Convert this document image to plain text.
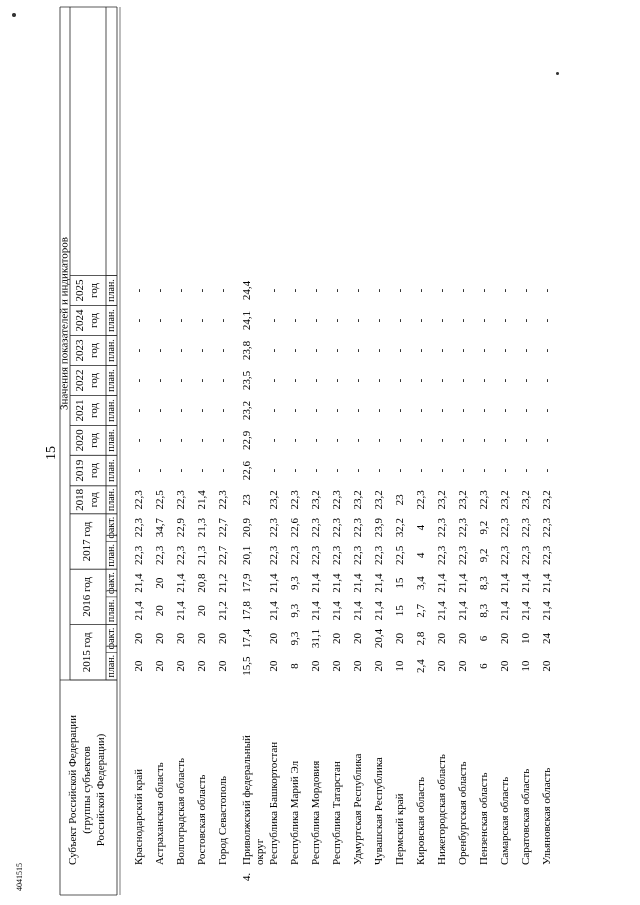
15
4041515
Субъект Российской Федерации (группы субъектов Российской Федерации)
Значения показателей и индикаторов
2015 год
2016 год
2017 год
2018 год
2019 год
2020 год
2021 год
2022 год
2023 год
2024 год
2025 год
план.
факт.
план.
факт.
план.
факт.
план.
план.
план.
план.
план.
план.
план.
план.
Краснодарский край
20
20
21,4
21,4
22,3
22,3
22,3
-
-
-
-
-
-
-
Астраханская область
20
20
20
20
22,3
34,7
22,5
-
-
-
-
-
-
-
Волгоградская область
20
20
21,4
21,4
22,3
22,9
22,3
-
-
-
-
-
-
-
Ростовская область
20
20
20
20,8
21,3
21,3
21,4
-
-
-
-
-
-
-
Город Севастополь
20
20
21,2
21,2
22,7
22,7
22,3
-
-
-
-
-
-
-
4.
Приволжский федеральный округ
15,5
17,4
17,8
17,9
20,1
20,9
23
22,6
22,9
23,2
23,5
23,8
24,1
24,4
Республика Башкортостан
20
20
21,4
21,4
22,3
22,3
23,2
-
-
-
-
-
-
-
Республика Марий Эл
8
9,3
9,3
9,3
22,3
22,6
22,3
-
-
-
-
-
-
-
Республика Мордовия
20
31,1
21,4
21,4
22,3
22,3
23,2
-
-
-
-
-
-
-
Республика Татарстан
20
20
21,4
21,4
22,3
22,3
22,3
-
-
-
-
-
-
-
Удмуртская Республика
20
20
21,4
21,4
22,3
22,3
23,2
-
-
-
-
-
-
-
Чувашская Республика
20
20,4
21,4
21,4
22,3
23,9
23,2
-
-
-
-
-
-
-
Пермский край
10
20
15
15
22,5
32,2
23
-
-
-
-
-
-
-
Кировская область
2,4
2,8
2,7
3,4
4
4
22,3
-
-
-
-
-
-
-
Нижегородская область
20
20
21,4
21,4
22,3
22,3
23,2
-
-
-
-
-
-
-
Оренбургская область
20
20
21,4
21,4
22,3
22,3
23,2
-
-
-
-
-
-
-
Пензенская область
6
6
8,3
8,3
9,2
9,2
22,3
-
-
-
-
-
-
-
Самарская область
20
20
21,4
21,4
22,3
22,3
23,2
-
-
-
-
-
-
-
Саратовская область
10
10
21,4
21,4
22,3
22,3
23,2
-
-
-
-
-
-
-
Ульяновская область
20
24
21,4
21,4
22,3
22,3
23,2
-
-
-
-
-
-
-
